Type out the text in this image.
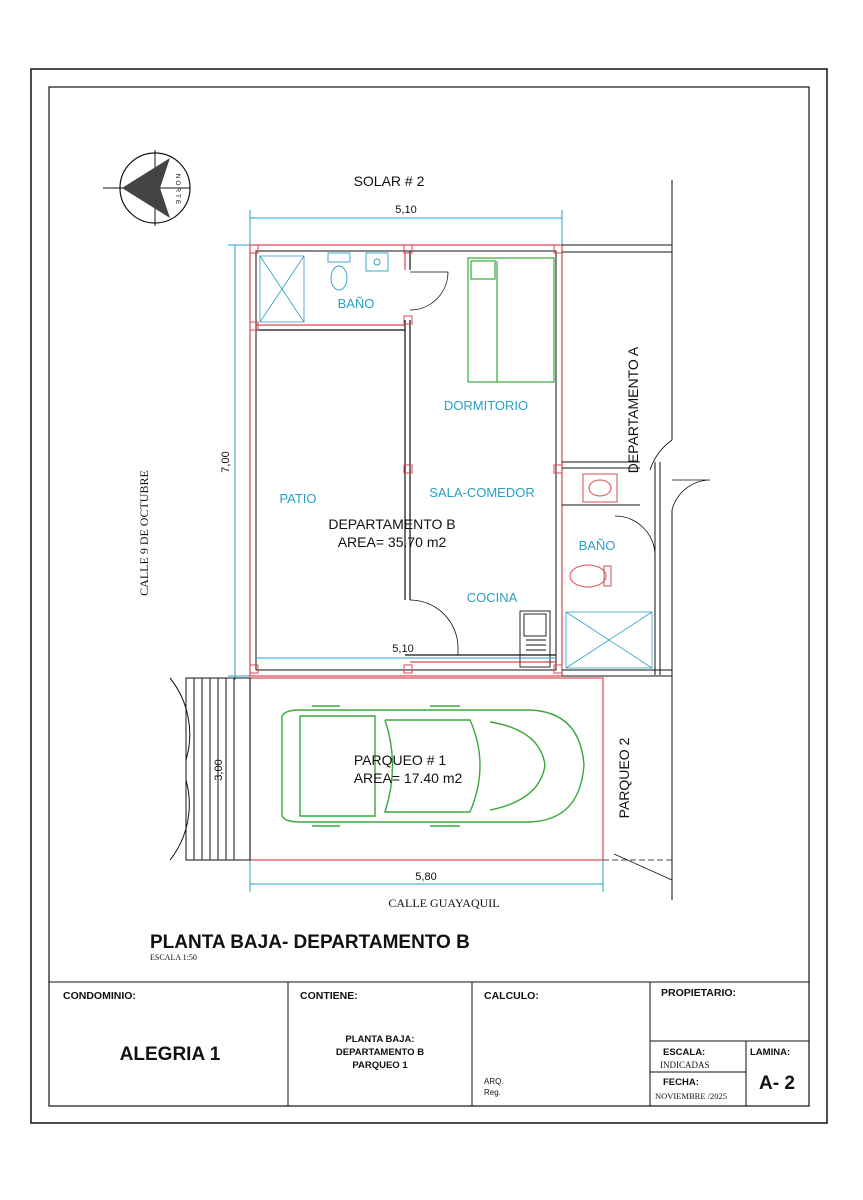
NORTE	SOLAR # 2
5,10
7,00
CALLE 9 DE OCTUBRE
BAÑO
DORMITORIO
SALA-COMEDOR
PATIO
DEPARTAMENTO B
AREA= 35.70 m2
COCINA
5,10
DEPARTAMENTO A
BAÑO
3,00	PARQUEO # 1
AREA= 17.40 m2	PARQUEO 2
5,80
CALLE GUAYAQUIL
PLANTA BAJA- DEPARTAMENTO B
ESCALA 1:50
CONDOMINIO:
ALEGRIA 1
CONTIENE:
PLANTA BAJA:
DEPARTAMENTO B
PARQUEO 1
CALCULO:
ARQ.
Reg.
PROPIETARIO:
ESCALA:
INDICADAS
FECHA:
NOVIEMBRE /2025
LAMINA:
A- 2
